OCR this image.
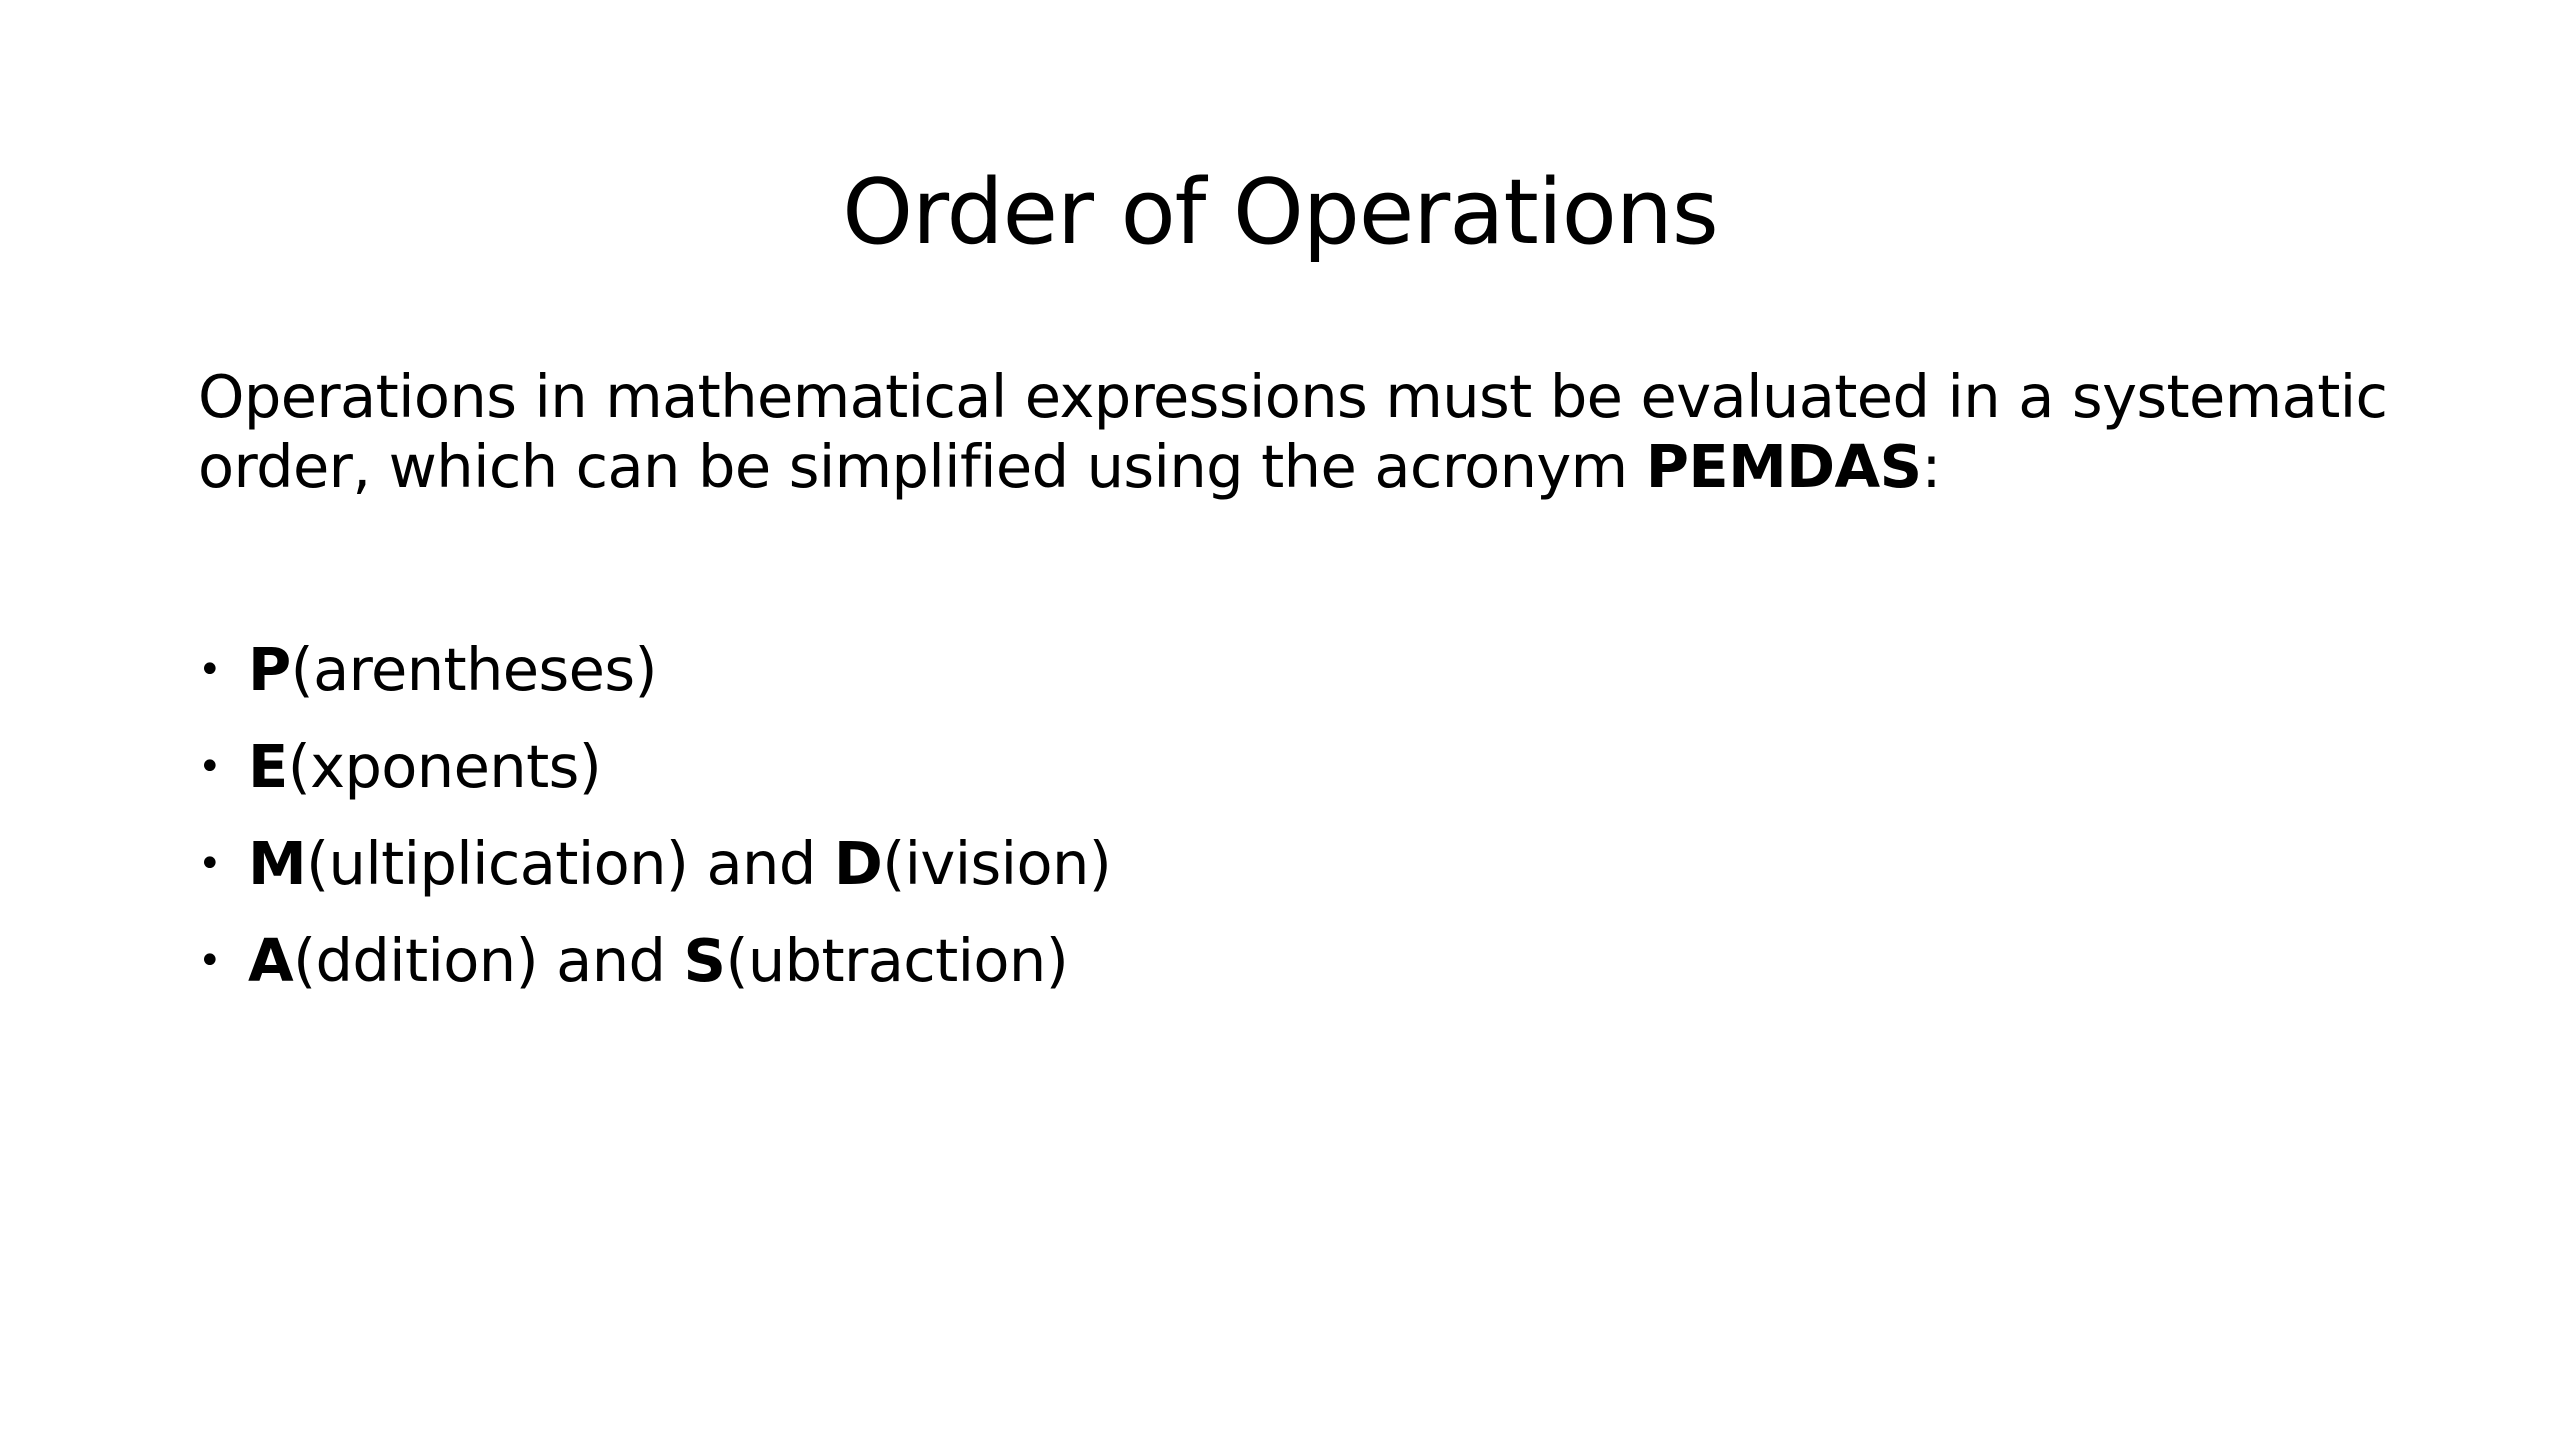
Order of Operations

Operations in mathematical expressions must be evaluated in a systematic order, which can be simplified using the acronym PEMDAS:

• P(arentheses)
• E(xponents)
• M(ultiplication) and D(ivision)
• A(ddition) and S(ubtraction)
